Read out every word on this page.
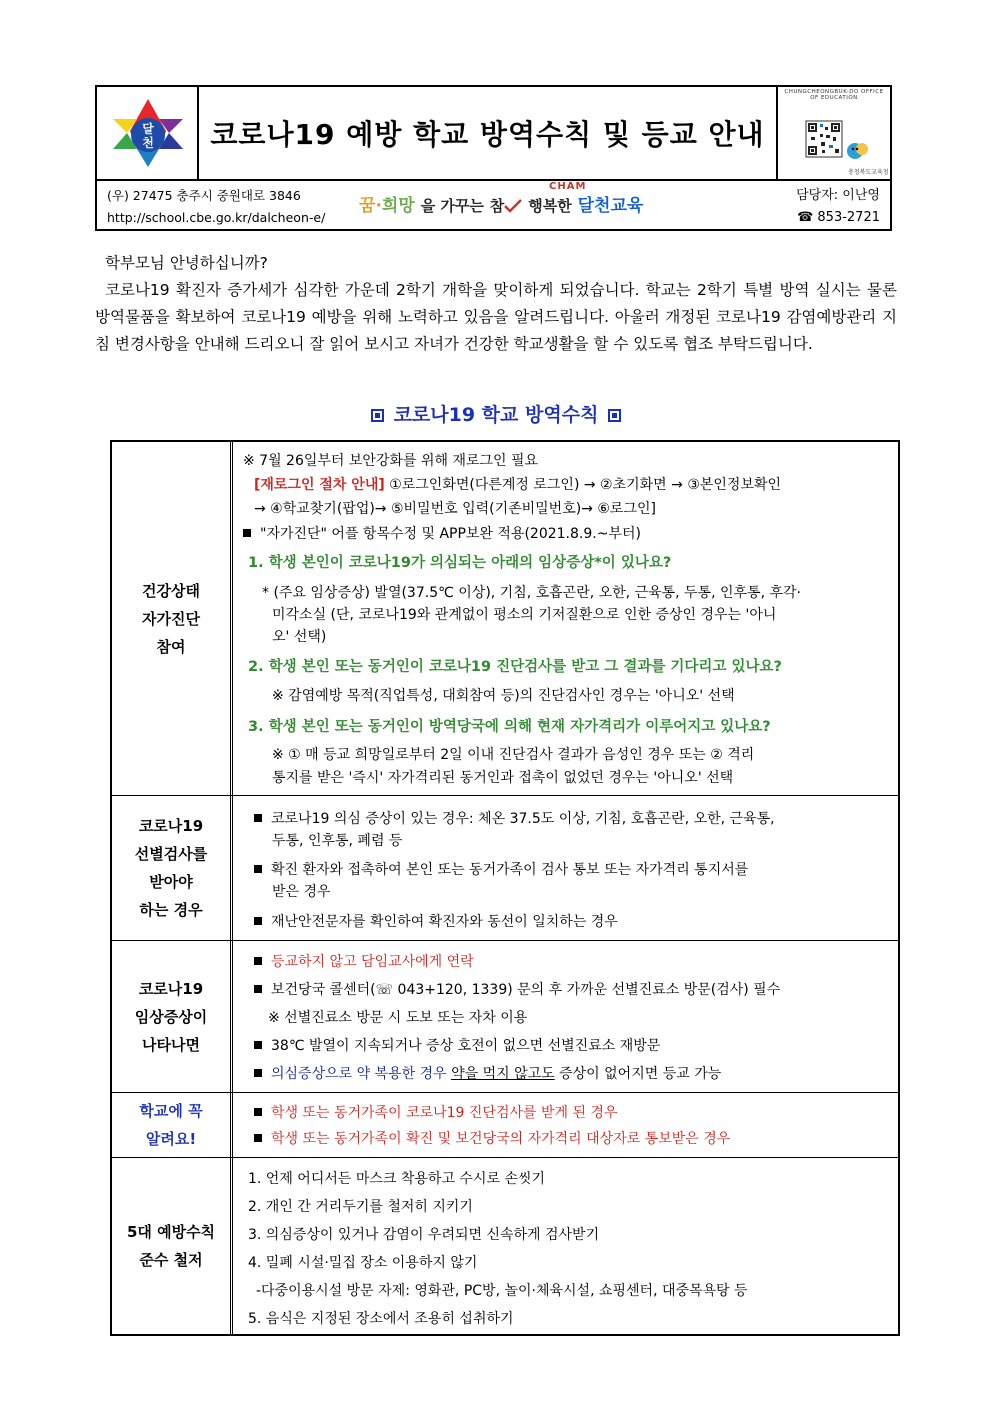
달
천 코로나19 예방 학교 방역수칙 및 등교 안내
CHUNGCHEONGBUK-DO OFFICE OF EDUCATION
충청북도교육청
(우) 27475 충주시 중원대로 3846
http://school.cbe.go.kr/dalcheon-e/
꿈·희망 을 가꾸는 참
CHAM
행복한 달천교육
담당자: 이난영
☎ 853-2721

학부모님 안녕하십니까?

코로나19 확진자 증가세가 심각한 가운데 2학기 개학을 맞이하게 되었습니다. 학교는 2학기 특별 방역 실시는 물론 방역물품을 확보하여 코로나19 예방을 위해 노력하고 있음을 알려드립니다. 아울러 개정된 코로나19 감염예방관리 지침 변경사항을 안내해 드리오니 잘 읽어 보시고 자녀가 건강한 학교생활을 할 수 있도록 협조 부탁드립니다.

코로나19 학교 방역수칙
건강상태
자가진단
참여
※ 7월 26일부터 보안강화를 위해 재로그인 필요
[재로그인 절차 안내] ①로그인화면(다른계정 로그인) → ②초기화면 → ③본인정보확인
→ ④학교찾기(팝업)→ ⑤비밀번호 입력(기존비밀번호)→ ⑥로그인]
"자가진단" 어플 항목수정 및 APP보완 적용(2021.8.9.~부터)
1. 학생 본인이 코로나19가 의심되는 아래의 임상증상*이 있나요?
* (주요 임상증상) 발열(37.5℃ 이상), 기침, 호흡곤란, 오한, 근육통, 두통, 인후통, 후각·
미각소실 (단, 코로나19와 관계없이 평소의 기저질환으로 인한 증상인 경우는 '아니
오' 선택)
2. 학생 본인 또는 동거인이 코로나19 진단검사를 받고 그 결과를 기다리고 있나요?
※ 감염예방 목적(직업특성, 대회참여 등)의 진단검사인 경우는 '아니오' 선택
3. 학생 본인 또는 동거인이 방역당국에 의해 현재 자가격리가 이루어지고 있나요?
※ ① 매 등교 희망일로부터 2일 이내 진단검사 결과가 음성인 경우 또는 ② 격리
통지를 받은 '즉시' 자가격리된 동거인과 접촉이 없었던 경우는 '아니오' 선택
코로나19
선별검사를
받아야
하는 경우
코로나19 의심 증상이 있는 경우: 체온 37.5도 이상, 기침, 호흡곤란, 오한, 근육통,
두통, 인후통, 폐렴 등
확진 환자와 접촉하여 본인 또는 동거가족이 검사 통보 또는 자가격리 통지서를
받은 경우
재난안전문자를 확인하여 확진자와 동선이 일치하는 경우
코로나19
임상증상이
나타나면
등교하지 않고 담임교사에게 연락
보건당국 콜센터(☏ 043+120, 1339) 문의 후 가까운 선별진료소 방문(검사) 필수
※ 선별진료소 방문 시 도보 또는 자차 이용
38℃ 발열이 지속되거나 증상 호전이 없으면 선별진료소 재방문
의심증상으로 약 복용한 경우 약을 먹지 않고도 증상이 없어지면 등교 가능
학교에 꼭
알려요!
학생 또는 동거가족이 코로나19 진단검사를 받게 된 경우
학생 또는 동거가족이 확진 및 보건당국의 자가격리 대상자로 통보받은 경우
5대 예방수칙
준수 철저
1. 언제 어디서든 마스크 착용하고 수시로 손씻기
2. 개인 간 거리두기를 철저히 지키기
3. 의심증상이 있거나 감염이 우려되면 신속하게 검사받기
4. 밀폐 시설·밀집 장소 이용하지 않기
-다중이용시설 방문 자제: 영화관, PC방, 놀이·체육시설, 쇼핑센터, 대중목욕탕 등
5. 음식은 지정된 장소에서 조용히 섭취하기
